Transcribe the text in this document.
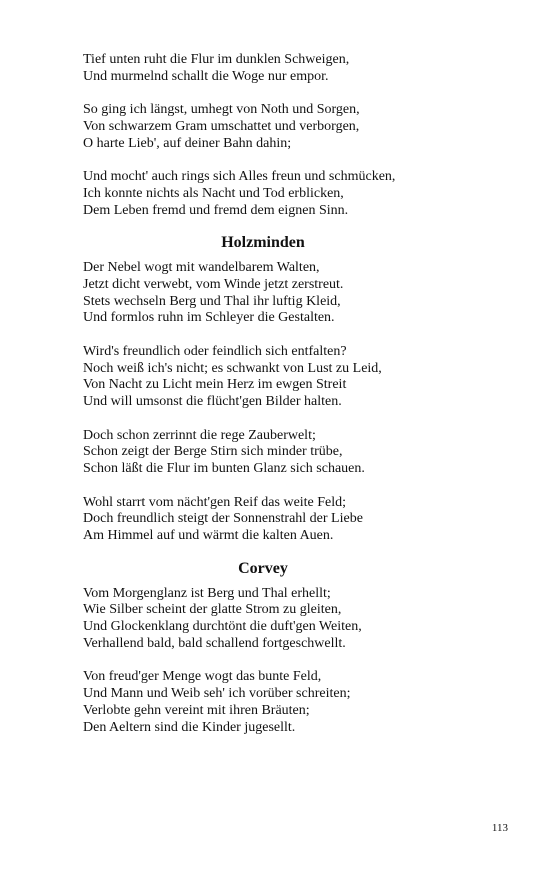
Tief unten ruht die Flur im dunklen Schweigen,
Und murmelnd schallt die Woge nur empor.
So ging ich längst, umhegt von Noth und Sorgen,
Von schwarzem Gram umschattet und verborgen,
O harte Lieb', auf deiner Bahn dahin;
Und mocht' auch rings sich Alles freun und schmücken,
Ich konnte nichts als Nacht und Tod erblicken,
Dem Leben fremd und fremd dem eignen Sinn.
Holzminden
Der Nebel wogt mit wandelbarem Walten,
Jetzt dicht verwebt, vom Winde jetzt zerstreut.
Stets wechseln Berg und Thal ihr luftig Kleid,
Und formlos ruhn im Schleyer die Gestalten.
Wird's freundlich oder feindlich sich entfalten?
Noch weiß ich's nicht; es schwankt von Lust zu Leid,
Von Nacht zu Licht mein Herz im ewgen Streit
Und will umsonst die flücht'gen Bilder halten.
Doch schon zerrinnt die rege Zauberwelt;
Schon zeigt der Berge Stirn sich minder trübe,
Schon läßt die Flur im bunten Glanz sich schauen.
Wohl starrt vom nächt'gen Reif das weite Feld;
Doch freundlich steigt der Sonnenstrahl der Liebe
Am Himmel auf und wärmt die kalten Auen.
Corvey
Vom Morgenglanz ist Berg und Thal erhellt;
Wie Silber scheint der glatte Strom zu gleiten,
Und Glockenklang durchtönt die duft'gen Weiten,
Verhallend bald, bald schallend fortgeschwellt.
Von freud'ger Menge wogt das bunte Feld,
Und Mann und Weib seh' ich vorüber schreiten;
Verlobte gehn vereint mit ihren Bräuten;
Den Aeltern sind die Kinder jugesellt.
113
